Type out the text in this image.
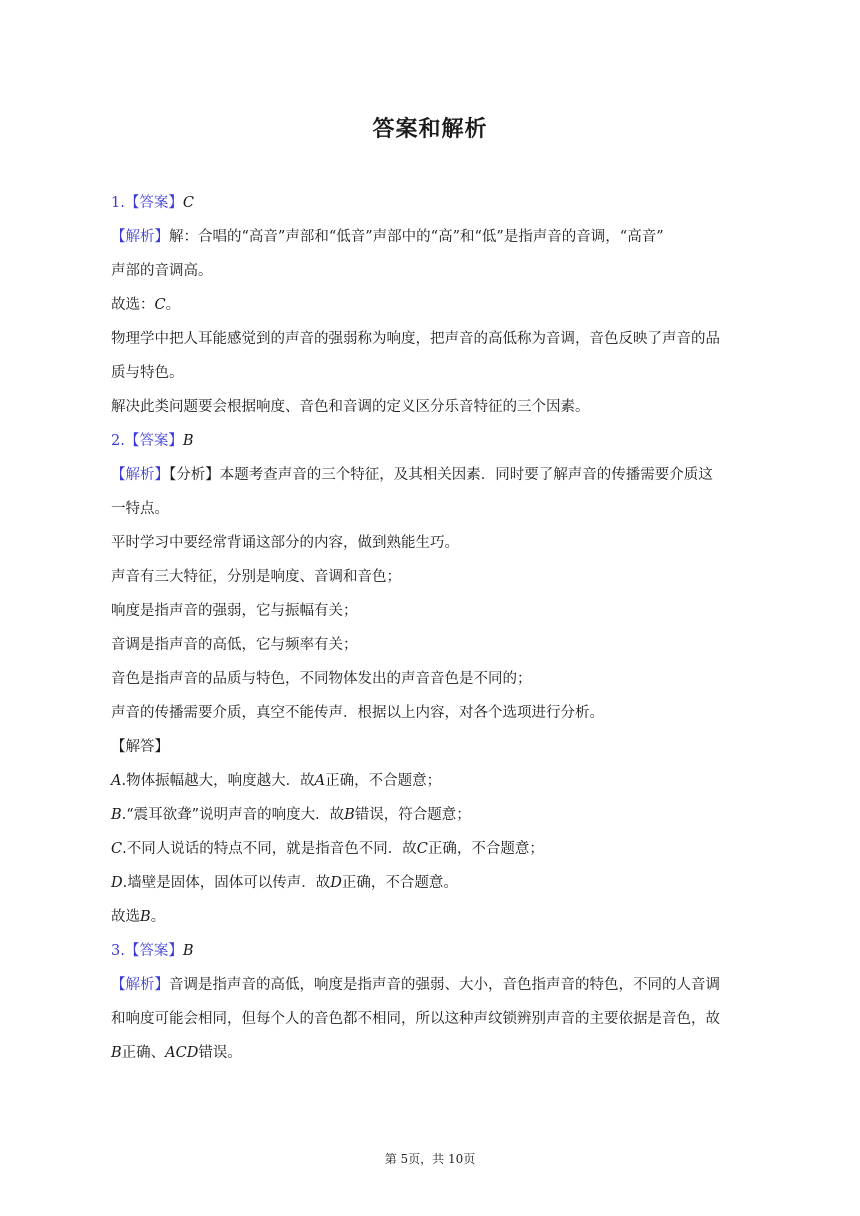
答案和解析
1.【答案】C
【解析】解：合唱的“高音”声部和“低音”声部中的“高”和“低”是指声音的音调，“高音”
声部的音调高。
故选：C。
物理学中把人耳能感觉到的声音的强弱称为响度，把声音的高低称为音调，音色反映了声音的品
质与特色。
解决此类问题要会根据响度、音色和音调的定义区分乐音特征的三个因素。
2.【答案】B
【解析】【分析】本题考查声音的三个特征，及其相关因素．同时要了解声音的传播需要介质这
一特点。
平时学习中要经常背诵这部分的内容，做到熟能生巧。
声音有三大特征，分别是响度、音调和音色；
响度是指声音的强弱，它与振幅有关；
音调是指声音的高低，它与频率有关；
音色是指声音的品质与特色，不同物体发出的声音音色是不同的；
声音的传播需要介质，真空不能传声．根据以上内容，对各个选项进行分析。
【解答】
A.物体振幅越大，响度越大．故A正确，不合题意；
B.“震耳欲聋”说明声音的响度大．故B错误，符合题意；
C.不同人说话的特点不同，就是指音色不同．故C正确，不合题意；
D.墙壁是固体，固体可以传声．故D正确，不合题意。
故选B。
3.【答案】B
【解析】音调是指声音的高低，响度是指声音的强弱、大小，音色指声音的特色，不同的人音调
和响度可能会相同，但每个人的音色都不相同，所以这种声纹锁辨别声音的主要依据是音色，故
B正确、ACD错误。
第 5页，共 10页
